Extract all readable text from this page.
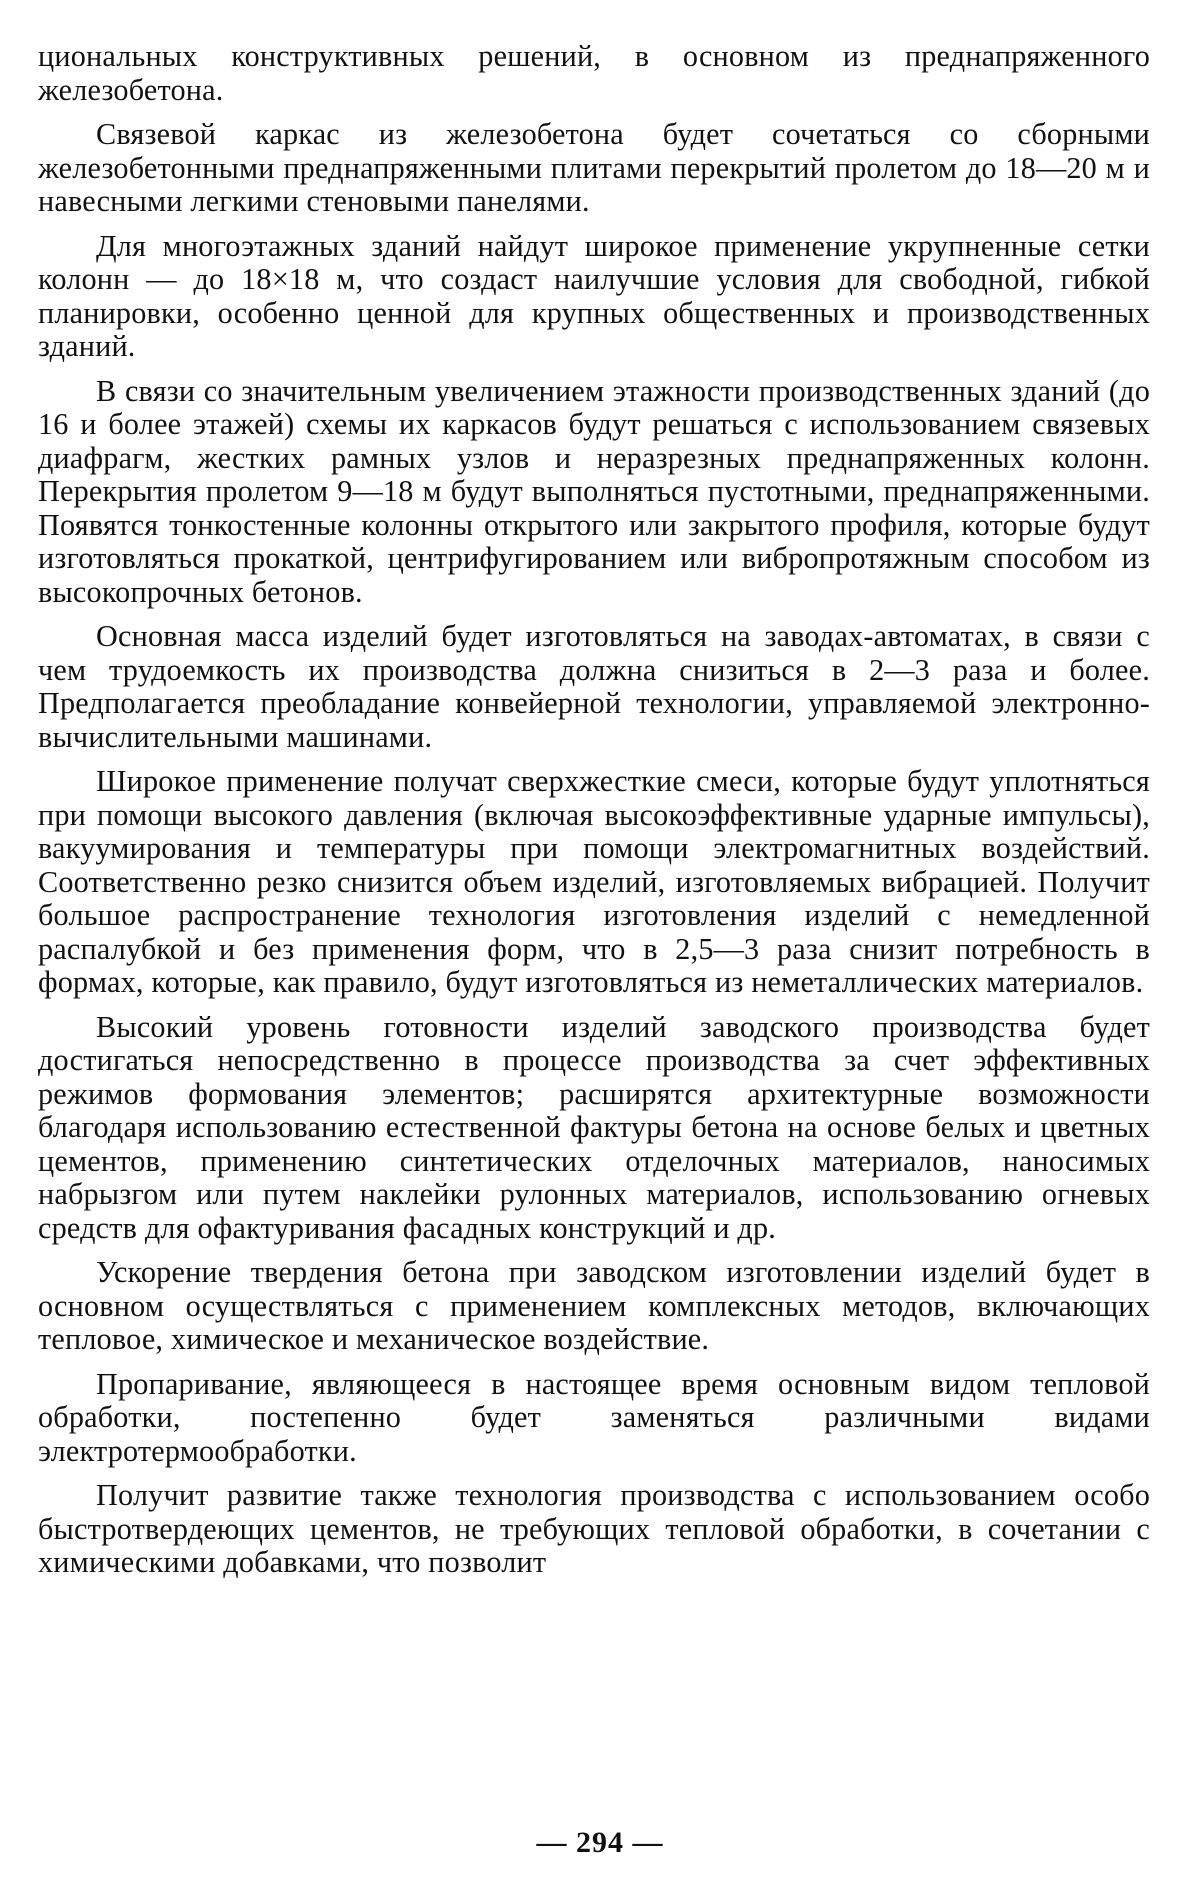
циональных конструктивных решений, в основном из преднапряженного железобетона.

Связевой каркас из железобетона будет сочетаться со сборными железобетонными преднапряженными плитами перекрытий пролетом до 18—20 м и навесными легкими стеновыми панелями.

Для многоэтажных зданий найдут широкое применение укрупненные сетки колонн — до 18×18 м, что создаст наилучшие условия для свободной, гибкой планировки, особенно ценной для крупных общественных и производственных зданий.

В связи со значительным увеличением этажности производственных зданий (до 16 и более этажей) схемы их каркасов будут решаться с использованием связевых диафрагм, жестких рамных узлов и неразрезных преднапряженных колонн. Перекрытия пролетом 9—18 м будут выполняться пустотными, преднапряженными. Появятся тонкостенные колонны открытого или закрытого профиля, которые будут изготовляться прокаткой, центрифугированием или вибропротяжным способом из высокопрочных бетонов.

Основная масса изделий будет изготовляться на заводах-автоматах, в связи с чем трудоемкость их производства должна снизиться в 2—3 раза и более. Предполагается преобладание конвейерной технологии, управляемой электронно-вычислительными машинами.

Широкое применение получат сверхжесткие смеси, которые будут уплотняться при помощи высокого давления (включая высокоэффективные ударные импульсы), вакуумирования и температуры при помощи электромагнитных воздействий. Соответственно резко снизится объем изделий, изготовляемых вибрацией. Получит большое распространение технология изготовления изделий с немедленной распалубкой и без применения форм, что в 2,5—3 раза снизит потребность в формах, которые, как правило, будут изготовляться из неметаллических материалов.

Высокий уровень готовности изделий заводского производства будет достигаться непосредственно в процессе производства за счет эффективных режимов формования элементов; расширятся архитектурные возможности благодаря использованию естественной фактуры бетона на основе белых и цветных цементов, применению синтетических отделочных материалов, наносимых набрызгом или путем наклейки рулонных материалов, использованию огневых средств для офактуривания фасадных конструкций и др.

Ускорение твердения бетона при заводском изготовлении изделий будет в основном осуществляться с применением комплексных методов, включающих тепловое, химическое и механическое воздействие.

Пропаривание, являющееся в настоящее время основным видом тепловой обработки, постепенно будет заменяться различными видами электротермообработки.

Получит развитие также технология производства с использованием особо быстротвердеющих цементов, не требующих тепловой обработки, в сочетании с химическими добавками, что позволит

— 294 —
